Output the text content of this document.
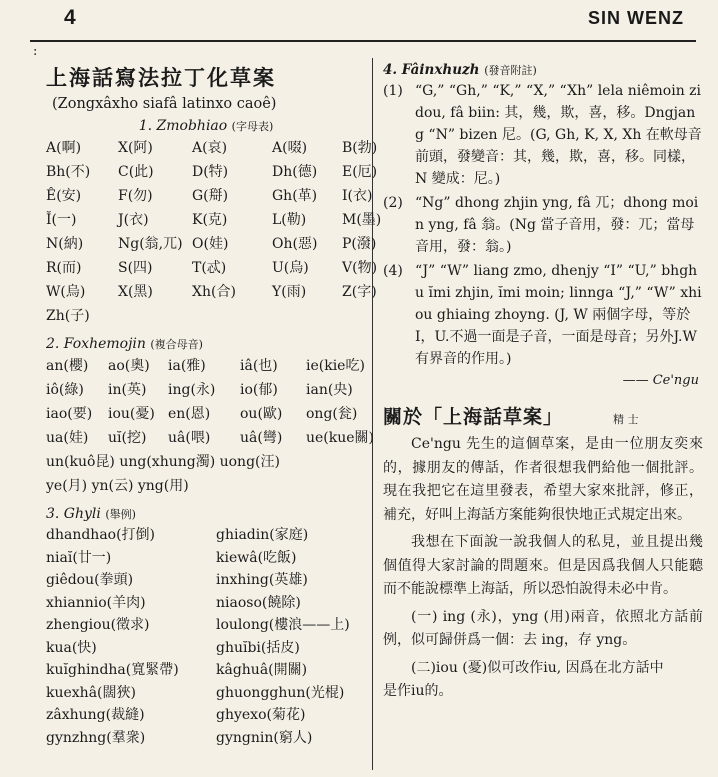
4	SIN WENZ
:
上海話寫法拉丁化草案
(Zongxâxho siafâ latinxo caoê)
1. Zmobhiao (字母表)
A(啊)	X(阿)	A(哀)	A(啜)	B(勃)
Bh(不)	C(此)	D(特)	Dh(德)	E(厄)
Ê(安)	F(勿)	G(搿)	Gh(革)	I(衣)
Ĭ(一)	J(衣)	K(克)	L(勒)	M(墨)
N(納)	Ng(翁,兀) O(娃)	Oh(惡)	P(潑)
R(而)	S(四)	T(忒)	U(烏)	V(物)
W(烏)	X(黑)	Xh(合)	Y(雨)	Z(字)
Zh(子)
2. Foxhemojin (複合母音)
an(櫻)	ao(奧)	ia(雅)	iâ(也)	ie(kie吃)
iô(綠)	in(英)	ing(永)	io(郁)	ian(央)
iao(要)	iou(憂) en(恩)	ou(歐)	ong(瓮)
ua(娃)	uĭ(挖)	uâ(喂)	uâ(彎)	ue(kue關)
un(kuô昆) ung(xhung濁) uong(汪)
ye(月) yn(云) yng(用)
3. Ghyli (舉例)
dhandhao(打倒)	ghiadin(家庭)
niaĭ(廿一)	kiewâ(吃飯)
giêdou(拳頭)	inxhing(英雄)
xhiannio(羊肉)	niaoso(饒除)
zhengiou(徵求)	loulong(樓浪——上)
kua(快)	ghuĭbi(括皮)
kuĭghindha(寬緊帶)	kâghuâ(開關)
kuexhâ(闊狹)	ghuongghun(光棍)
zâxhung(裁縫)	ghyexo(菊花)
gynzhng(羣衆)	gyngnin(窮人)
4. Fâinxhuzh (發音附註)
(1) “G,” “Gh,” “K,” “X,” “Xh” lela niêmoin zidou, fâ biin: 其，幾，欺，喜，移。Dngjang “N” bizen 尼。(G, Gh, K, X, Xh 在軟母音前頭，發變音：其，幾，欺，喜，移。同樣，N 變成：尼。)
(2) “Ng” dhong zhjin yng, fâ 兀；dhong moin yng, fâ 翁。(Ng 當子音用，發：兀；當母音用，發：翁。)
(4) “J” “W” liang zmo, dhenjy “I” “U,” bhghu ĭmi zhjin, ĭmi moin; linnga “J,” “W” xhiou ghiaing zhoyng. (J, W 兩個字母，等於 I，U.不過一面是子音，一面是母音；另外J.W有界音的作用。)
—— Ce'ngu
關於「上海話草案」	精 士
Ce'ngu 先生的這個草案，是由一位朋友奕來的，據朋友的傳話，作者很想我們給他一個批評。現在我把它在這里發表，希望大家來批評，修正，補充，好叫上海話方案能夠很快地正式規定出來。
我想在下面說一說我個人的私見，並且提出幾個值得大家討論的問題來。但是因爲我個人只能聽而不能說標準上海話，所以恐怕說得未必中肯。
(一) ing (永)，yng (用)兩音，依照北方話前例，似可歸併爲一個：去 ing，存 yng。
(二)iou (憂)似可改作iu, 因爲在北方話中
是作iu的。
